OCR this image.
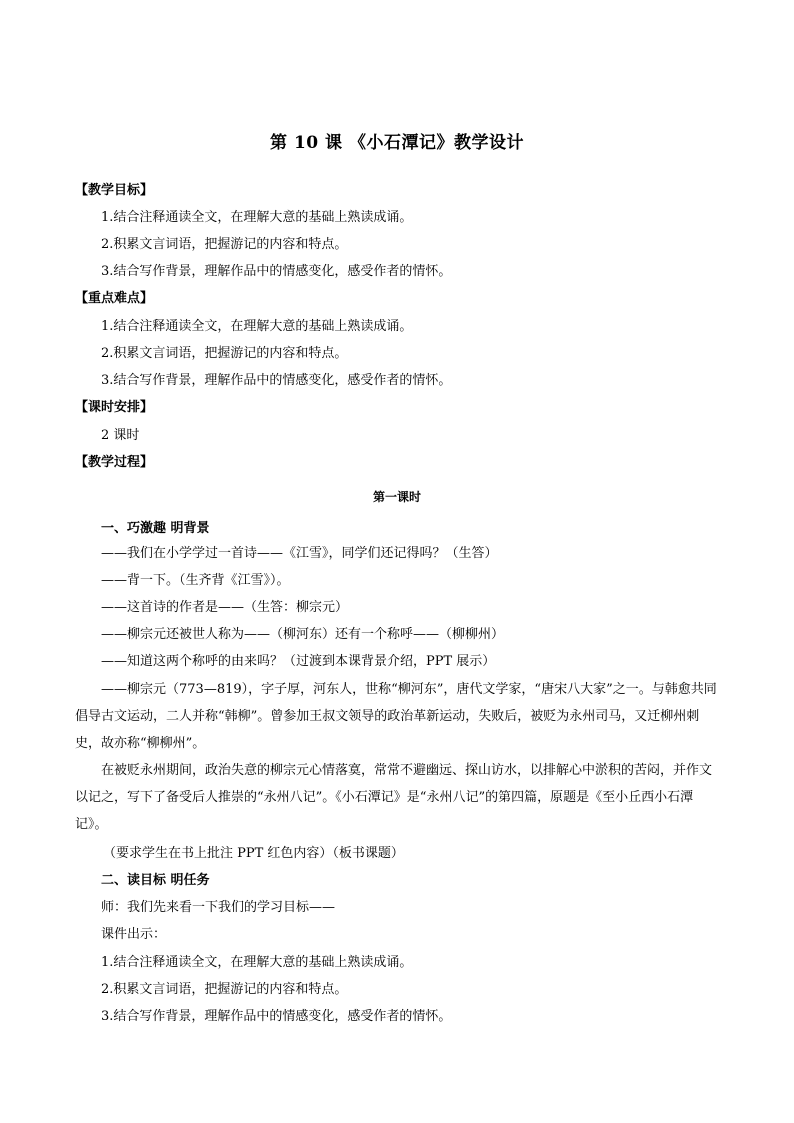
第 10 课 《小石潭记》教学设计
【教学目标】
1.结合注释通读全文，在理解大意的基础上熟读成诵。
2.积累文言词语，把握游记的内容和特点。
3.结合写作背景，理解作品中的情感变化，感受作者的情怀。
【重点难点】
1.结合注释通读全文，在理解大意的基础上熟读成诵。
2.积累文言词语，把握游记的内容和特点。
3.结合写作背景，理解作品中的情感变化，感受作者的情怀。
【课时安排】
2 课时
【教学过程】
第一课时
一、巧激趣 明背景
——我们在小学学过一首诗——《江雪》，同学们还记得吗？（生答）
——背一下。（生齐背《江雪》）。
——这首诗的作者是——（生答：柳宗元）
——柳宗元还被世人称为——（柳河东）还有一个称呼——（柳柳州）
——知道这两个称呼的由来吗？（过渡到本课背景介绍，PPT 展示）
——柳宗元（773—819），字子厚，河东人，世称“柳河东”，唐代文学家，“唐宋八大家”之一。与韩愈共同倡导古文运动，二人并称“韩柳”。曾参加王叔文领导的政治革新运动，失败后，被贬为永州司马，又迁柳州刺史，故亦称“柳柳州”。
在被贬永州期间，政治失意的柳宗元心情落寞，常常不避幽远、探山访水，以排解心中淤积的苦闷，并作文以记之，写下了备受后人推崇的“永州八记”。《小石潭记》是“永州八记”的第四篇，原题是《至小丘西小石潭记》。
（要求学生在书上批注 PPT 红色内容）（板书课题）
二、读目标 明任务
师：我们先来看一下我们的学习目标——
课件出示：
1.结合注释通读全文，在理解大意的基础上熟读成诵。
2.积累文言词语，把握游记的内容和特点。
3.结合写作背景，理解作品中的情感变化，感受作者的情怀。
